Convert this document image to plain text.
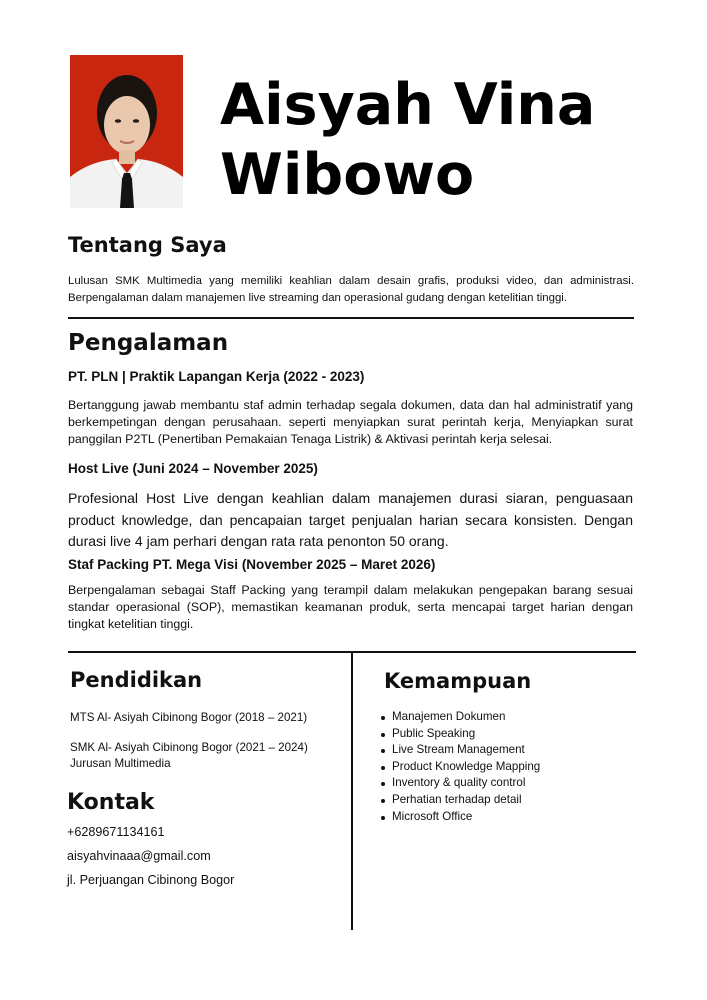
Aisyah Vina
Wibowo
Tentang Saya
Lulusan SMK Multimedia yang memiliki keahlian dalam desain grafis, produksi video, dan administrasi. Berpengalaman dalam manajemen live streaming dan operasional gudang dengan ketelitian tinggi.
Pengalaman
PT. PLN | Praktik Lapangan Kerja (2022 - 2023)
Bertanggung jawab membantu staf admin terhadap segala dokumen, data dan hal administratif yang berkempetingan dengan perusahaan. seperti menyiapkan surat perintah kerja, Menyiapkan surat panggilan P2TL (Penertiban Pemakaian Tenaga Listrik) & Aktivasi perintah kerja selesai.
Host Live (Juni 2024 – November 2025)
Profesional Host Live dengan keahlian dalam manajemen durasi siaran, penguasaan product knowledge, dan pencapaian target penjualan harian secara konsisten. Dengan durasi live 4 jam perhari dengan rata rata penonton 50 orang.
Staf Packing PT. Mega Visi (November 2025 – Maret 2026)
Berpengalaman sebagai Staff Packing yang terampil dalam melakukan pengepakan barang sesuai standar operasional (SOP), memastikan keamanan produk, serta mencapai target harian dengan tingkat ketelitian tinggi.
Pendidikan
MTS Al- Asiyah Cibinong Bogor (2018 – 2021)
SMK Al- Asiyah Cibinong Bogor (2021 – 2024)
Jurusan Multimedia
Kontak
+6289671134161
aisyahvinaaa@gmail.com
jl. Perjuangan Cibinong Bogor
Kemampuan
Manajemen Dokumen
Public Speaking
Live Stream Management
Product Knowledge Mapping
Inventory & quality control
Perhatian terhadap detail
Microsoft Office
